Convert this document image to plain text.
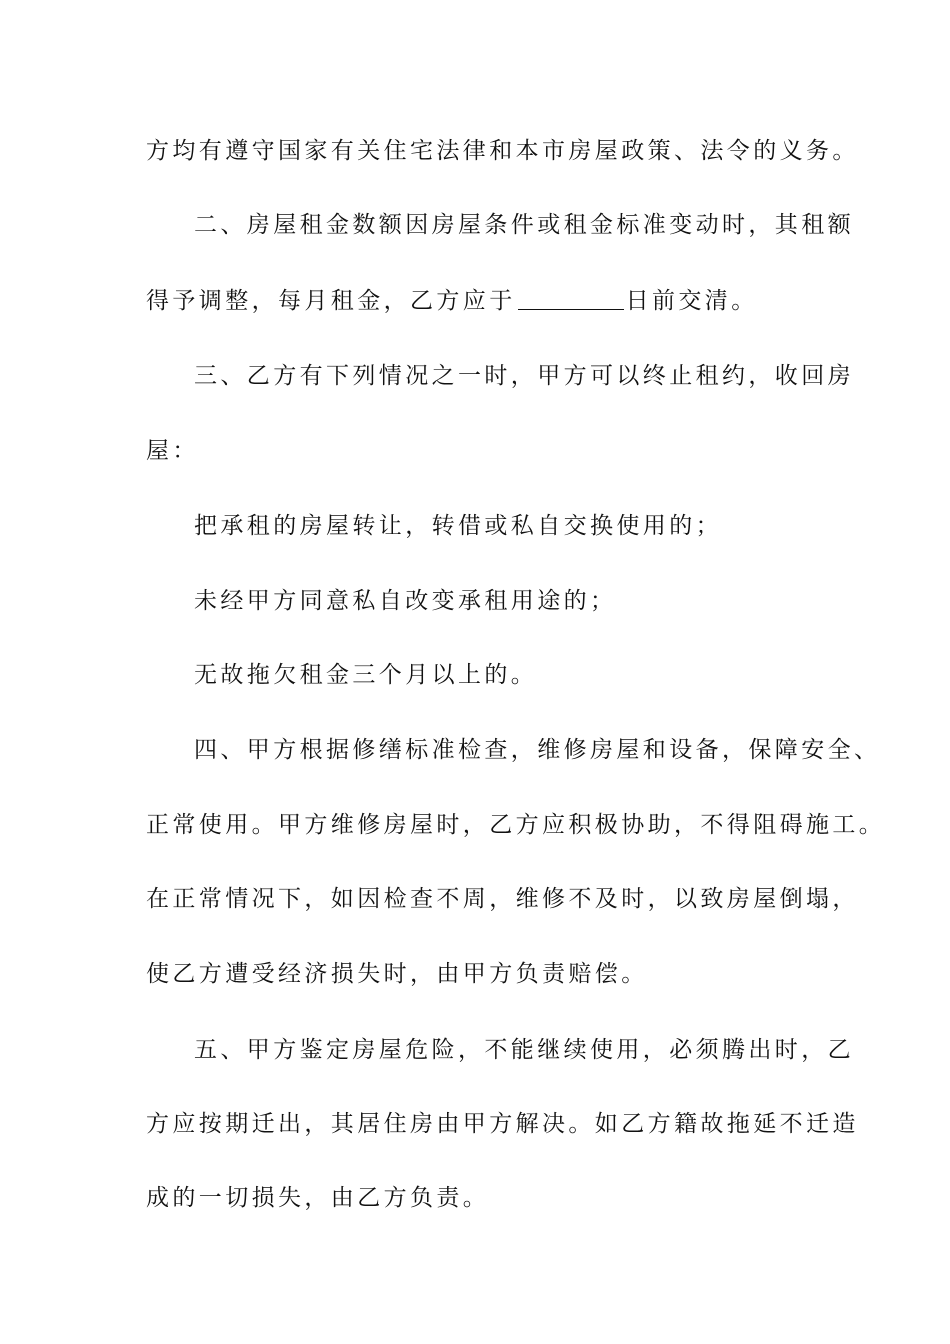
方均有遵守国家有关住宅法律和本市房屋政策、法令的义务。
二、房屋租金数额因房屋条件或租金标准变动时，其租额
得予调整，每月租金，乙方应于	日前交清。
三、乙方有下列情况之一时，甲方可以终止租约，收回房
屋：
把承租的房屋转让，转借或私自交换使用的；
未经甲方同意私自改变承租用途的；
无故拖欠租金三个月以上的。
四、甲方根据修缮标准检查，维修房屋和设备，保障安全、
正常使用。甲方维修房屋时，乙方应积极协助，不得阻碍施工。
在正常情况下，如因检查不周，维修不及时，以致房屋倒塌，
使乙方遭受经济损失时，由甲方负责赔偿。
五、甲方鉴定房屋危险，不能继续使用，必须腾出时，乙
方应按期迁出，其居住房由甲方解决。如乙方籍故拖延不迁造
成的一切损失，由乙方负责。
